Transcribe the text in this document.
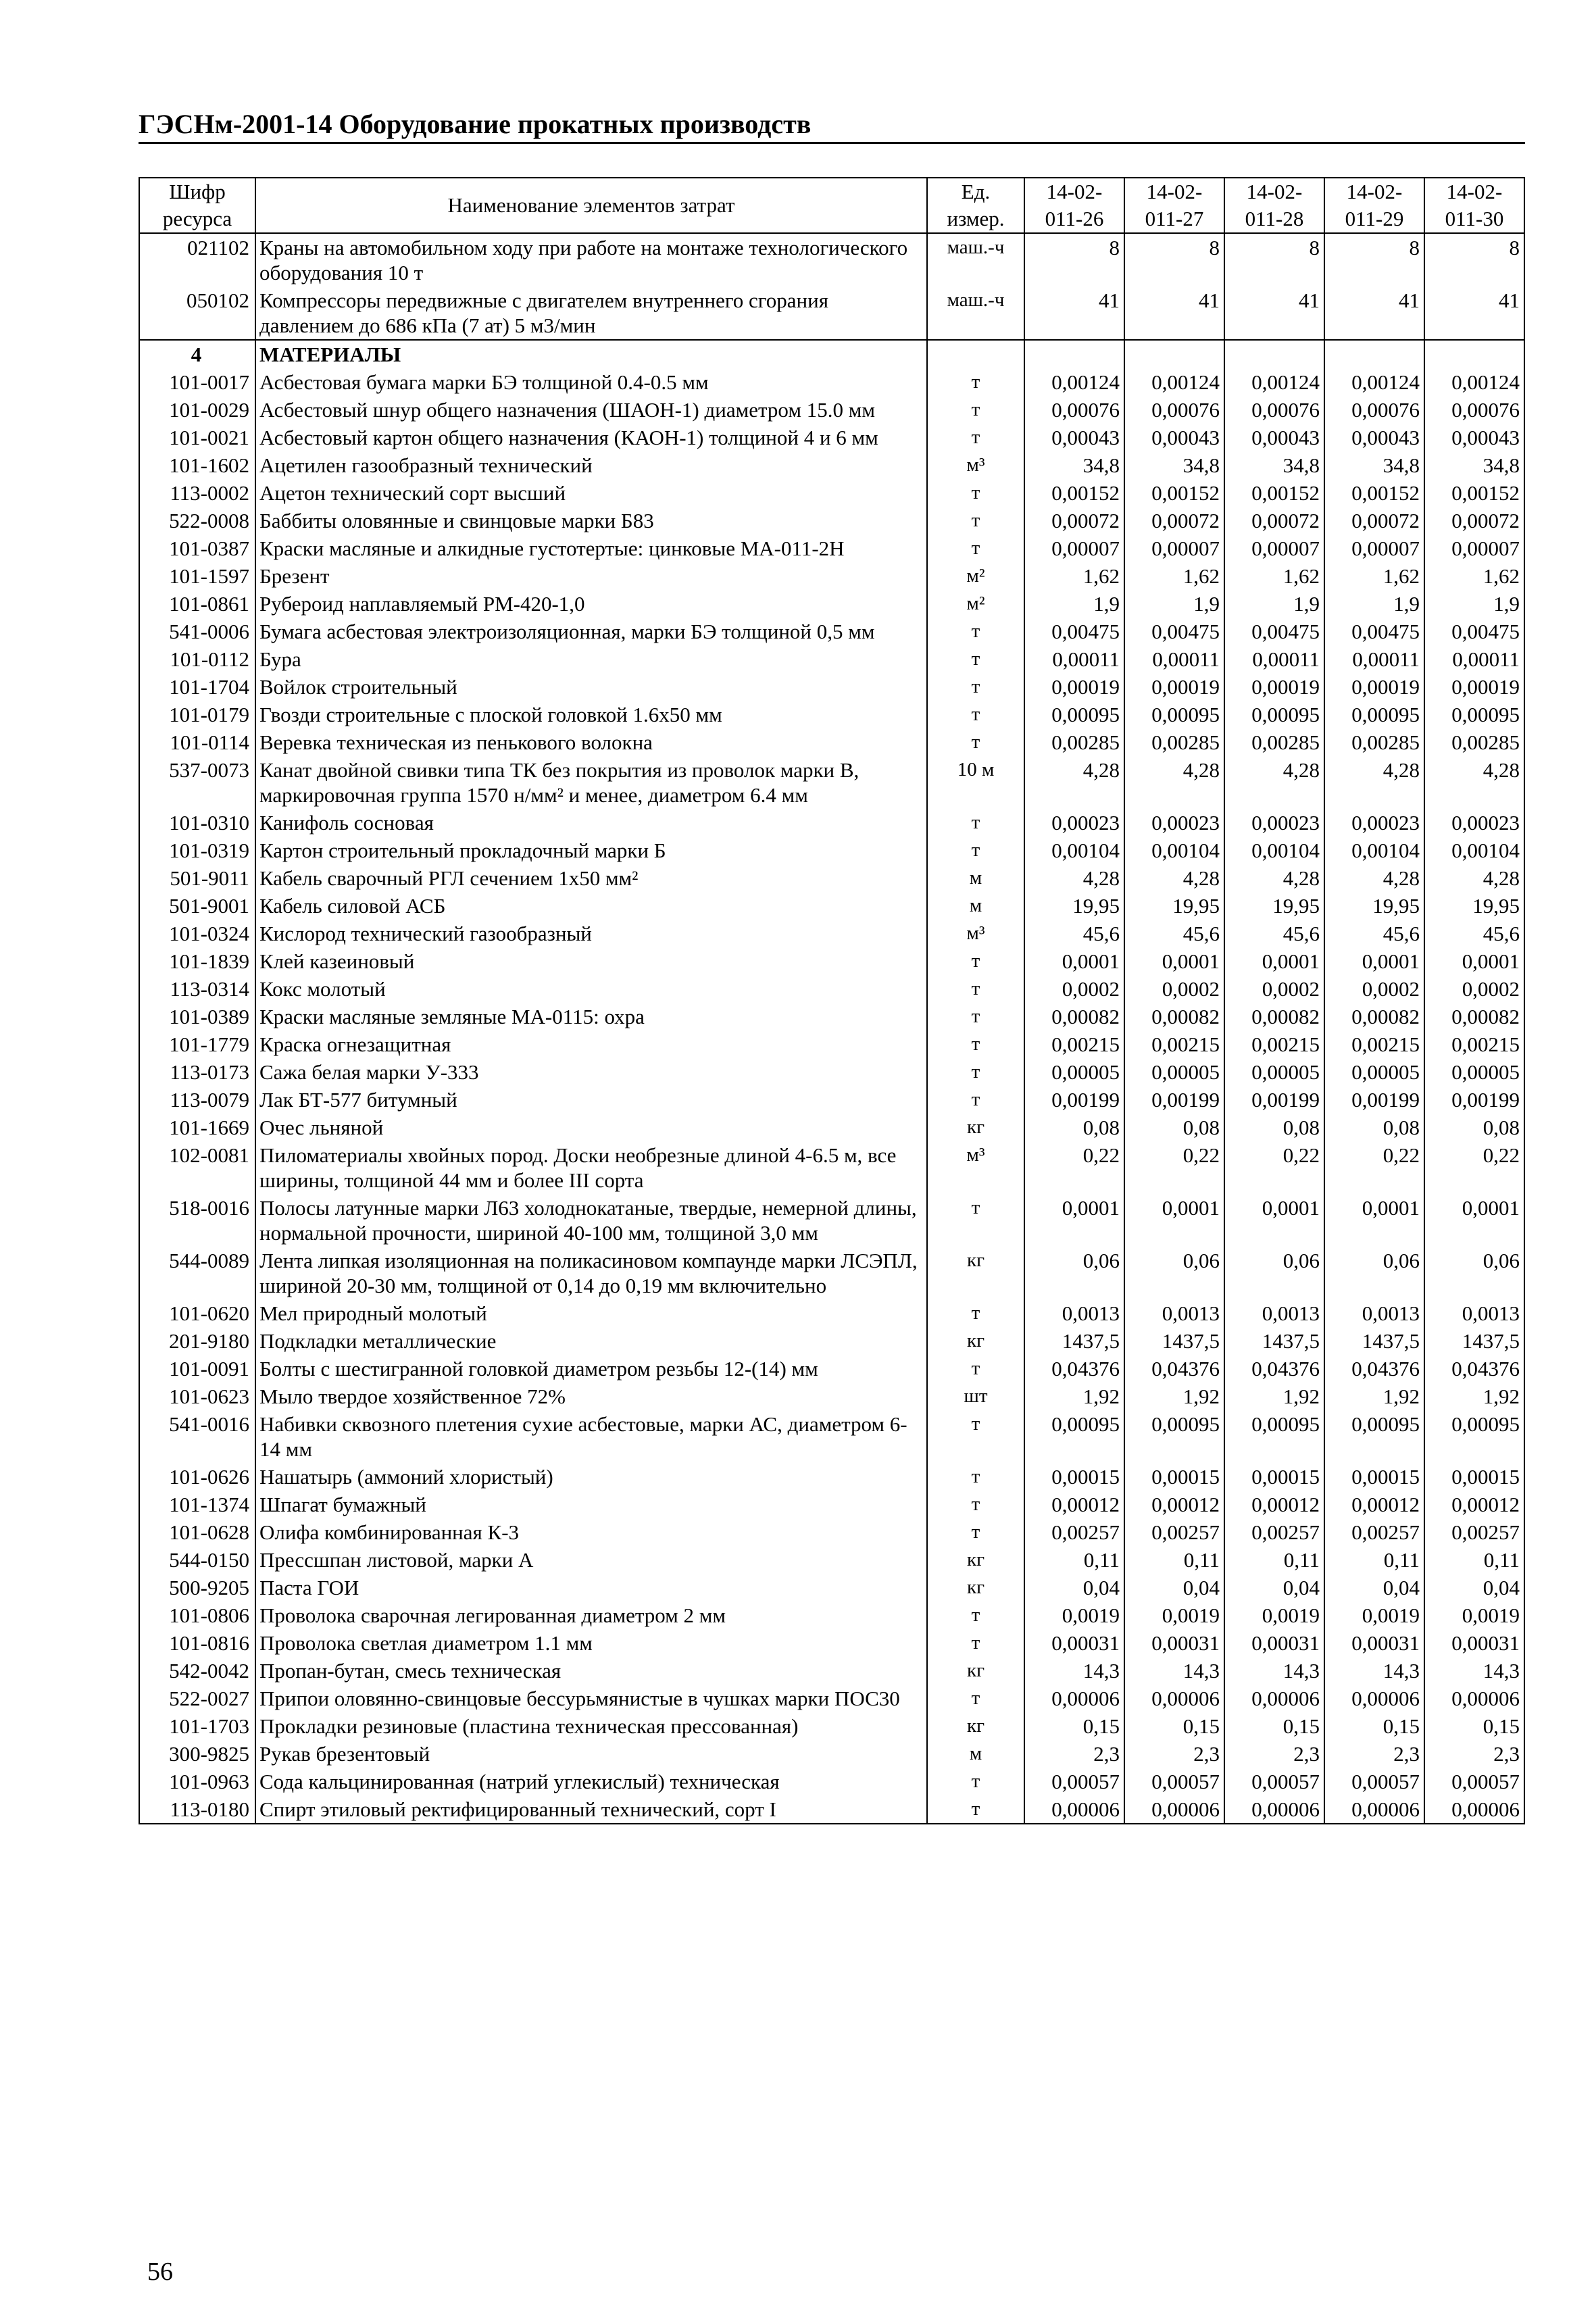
ГЭСНм-2001-14 Оборудование прокатных производств
Шифр ресурса	Наименование элементов затрат	Ед. измер.	14-02-011-26	14-02-011-27	14-02-011-28	14-02-011-29	14-02-011-30
021102	Краны на автомобильном ходу при работе на монтаже технологического оборудования 10 т	маш.-ч	8	8	8	8	8
050102	Компрессоры передвижные с двигателем внутреннего сгорания давлением до 686 кПа (7 ат) 5 м3/мин	маш.-ч	41	41	41	41	41
4	МАТЕРИАЛЫ						
101-0017	Асбестовая бумага марки БЭ толщиной 0.4-0.5 мм	т	0,00124	0,00124	0,00124	0,00124	0,00124
101-0029	Асбестовый шнур общего назначения (ШАОН-1) диаметром 15.0 мм	т	0,00076	0,00076	0,00076	0,00076	0,00076
101-0021	Асбестовый картон общего назначения (КАОН-1) толщиной 4 и 6 мм	т	0,00043	0,00043	0,00043	0,00043	0,00043
101-1602	Ацетилен газообразный технический	м³	34,8	34,8	34,8	34,8	34,8
113-0002	Ацетон технический сорт высший	т	0,00152	0,00152	0,00152	0,00152	0,00152
522-0008	Баббиты оловянные и свинцовые марки Б83	т	0,00072	0,00072	0,00072	0,00072	0,00072
101-0387	Краски масляные и алкидные густотертые: цинковые МА-011-2Н	т	0,00007	0,00007	0,00007	0,00007	0,00007
101-1597	Брезент	м²	1,62	1,62	1,62	1,62	1,62
101-0861	Рубероид наплавляемый РМ-420-1,0	м²	1,9	1,9	1,9	1,9	1,9
541-0006	Бумага асбестовая электроизоляционная, марки БЭ толщиной 0,5 мм	т	0,00475	0,00475	0,00475	0,00475	0,00475
101-0112	Бура	т	0,00011	0,00011	0,00011	0,00011	0,00011
101-1704	Войлок строительный	т	0,00019	0,00019	0,00019	0,00019	0,00019
101-0179	Гвозди строительные с плоской головкой 1.6x50 мм	т	0,00095	0,00095	0,00095	0,00095	0,00095
101-0114	Веревка техническая из пенькового волокна	т	0,00285	0,00285	0,00285	0,00285	0,00285
537-0073	Канат двойной свивки типа ТК без покрытия из проволок марки В, маркировочная группа 1570 н/мм² и менее, диаметром 6.4 мм	10 м	4,28	4,28	4,28	4,28	4,28
101-0310	Канифоль сосновая	т	0,00023	0,00023	0,00023	0,00023	0,00023
101-0319	Картон строительный прокладочный марки Б	т	0,00104	0,00104	0,00104	0,00104	0,00104
501-9011	Кабель сварочный РГЛ сечением 1x50 мм²	м	4,28	4,28	4,28	4,28	4,28
501-9001	Кабель силовой АСБ	м	19,95	19,95	19,95	19,95	19,95
101-0324	Кислород технический газообразный	м³	45,6	45,6	45,6	45,6	45,6
101-1839	Клей казеиновый	т	0,0001	0,0001	0,0001	0,0001	0,0001
113-0314	Кокс молотый	т	0,0002	0,0002	0,0002	0,0002	0,0002
101-0389	Краски масляные земляные МА-0115: охра	т	0,00082	0,00082	0,00082	0,00082	0,00082
101-1779	Краска огнезащитная	т	0,00215	0,00215	0,00215	0,00215	0,00215
113-0173	Сажа белая марки У-333	т	0,00005	0,00005	0,00005	0,00005	0,00005
113-0079	Лак БТ-577 битумный	т	0,00199	0,00199	0,00199	0,00199	0,00199
101-1669	Очес льняной	кг	0,08	0,08	0,08	0,08	0,08
102-0081	Пиломатериалы хвойных пород. Доски необрезные длиной 4-6.5 м, все ширины, толщиной 44 мм и более III сорта	м³	0,22	0,22	0,22	0,22	0,22
518-0016	Полосы латунные марки Л63 холоднокатаные, твердые, немерной длины, нормальной прочности, шириной 40-100 мм, толщиной 3,0 мм	т	0,0001	0,0001	0,0001	0,0001	0,0001
544-0089	Лента липкая изоляционная на поликасиновом компаунде марки ЛСЭПЛ, шириной 20-30 мм, толщиной от 0,14 до 0,19 мм включительно	кг	0,06	0,06	0,06	0,06	0,06
101-0620	Мел природный молотый	т	0,0013	0,0013	0,0013	0,0013	0,0013
201-9180	Подкладки металлические	кг	1437,5	1437,5	1437,5	1437,5	1437,5
101-0091	Болты с шестигранной головкой диаметром резьбы 12-(14) мм	т	0,04376	0,04376	0,04376	0,04376	0,04376
101-0623	Мыло твердое хозяйственное 72%	шт	1,92	1,92	1,92	1,92	1,92
541-0016	Набивки сквозного плетения сухие асбестовые, марки АС, диаметром 6-14 мм	т	0,00095	0,00095	0,00095	0,00095	0,00095
101-0626	Нашатырь (аммоний хлористый)	т	0,00015	0,00015	0,00015	0,00015	0,00015
101-1374	Шпагат бумажный	т	0,00012	0,00012	0,00012	0,00012	0,00012
101-0628	Олифа комбинированная К-3	т	0,00257	0,00257	0,00257	0,00257	0,00257
544-0150	Прессшпан листовой, марки А	кг	0,11	0,11	0,11	0,11	0,11
500-9205	Паста ГОИ	кг	0,04	0,04	0,04	0,04	0,04
101-0806	Проволока сварочная легированная диаметром 2 мм	т	0,0019	0,0019	0,0019	0,0019	0,0019
101-0816	Проволока светлая диаметром 1.1 мм	т	0,00031	0,00031	0,00031	0,00031	0,00031
542-0042	Пропан-бутан, смесь техническая	кг	14,3	14,3	14,3	14,3	14,3
522-0027	Припои оловянно-свинцовые бессурьмянистые в чушках марки ПОС30	т	0,00006	0,00006	0,00006	0,00006	0,00006
101-1703	Прокладки резиновые (пластина техническая прессованная)	кг	0,15	0,15	0,15	0,15	0,15
300-9825	Рукав брезентовый	м	2,3	2,3	2,3	2,3	2,3
101-0963	Сода кальцинированная (натрий углекислый) техническая	т	0,00057	0,00057	0,00057	0,00057	0,00057
113-0180	Спирт этиловый ректифицированный технический, сорт I	т	0,00006	0,00006	0,00006	0,00006	0,00006
56
